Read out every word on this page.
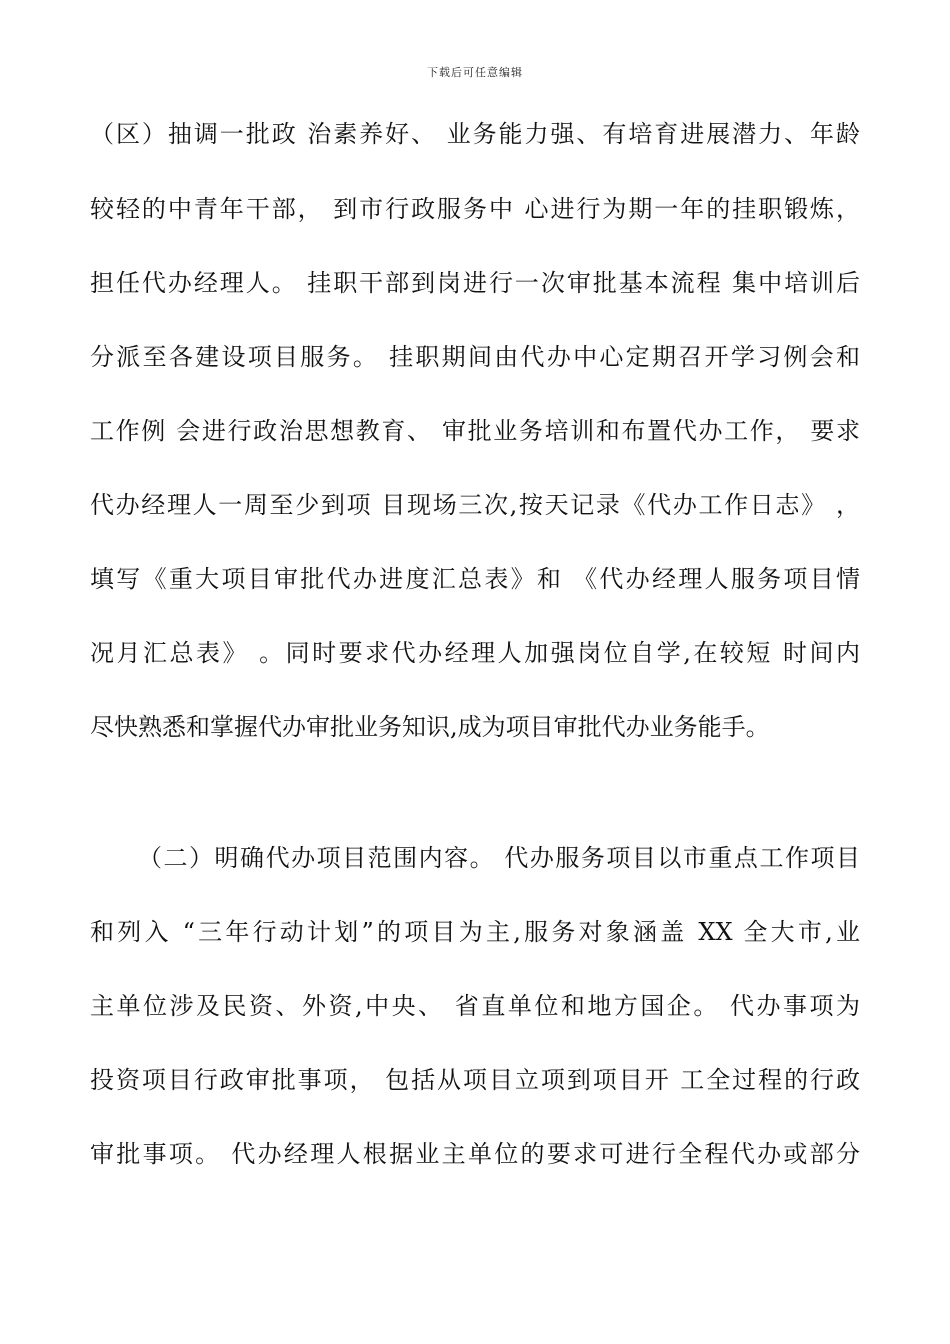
下载后可任意编辑
（区）抽调一批政 治素养好、 业务能力强、有培育进展潜力、年龄
较轻的中青年干部， 到市行政服务中 心进行为期一年的挂职锻炼，
担任代办经理人。 挂职干部到岗进行一次审批基本流程 集中培训后
分派至各建设项目服务。 挂职期间由代办中心定期召开学习例会和
工作例 会进行政治思想教育、 审批业务培训和布置代办工作， 要求
代办经理人一周至少到项 目现场三次,按天记录《代办工作日志》 ，
填写《重大项目审批代办进度汇总表》和 《代办经理人服务项目情
况月汇总表》 。同时要求代办经理人加强岗位自学,在较短 时间内
尽快熟悉和掌握代办审批业务知识,成为项目审批代办业务能手。
（二）明确代办项目范围内容。 代办服务项目以市重点工作项目
和列入 “三年行动计划”的项目为主,服务对象涵盖 XX 全大市,业
主单位涉及民资、外资,中央、 省直单位和地方国企。 代办事项为
投资项目行政审批事项， 包括从项目立项到项目开 工全过程的行政
审批事项。 代办经理人根据业主单位的要求可进行全程代办或部分
